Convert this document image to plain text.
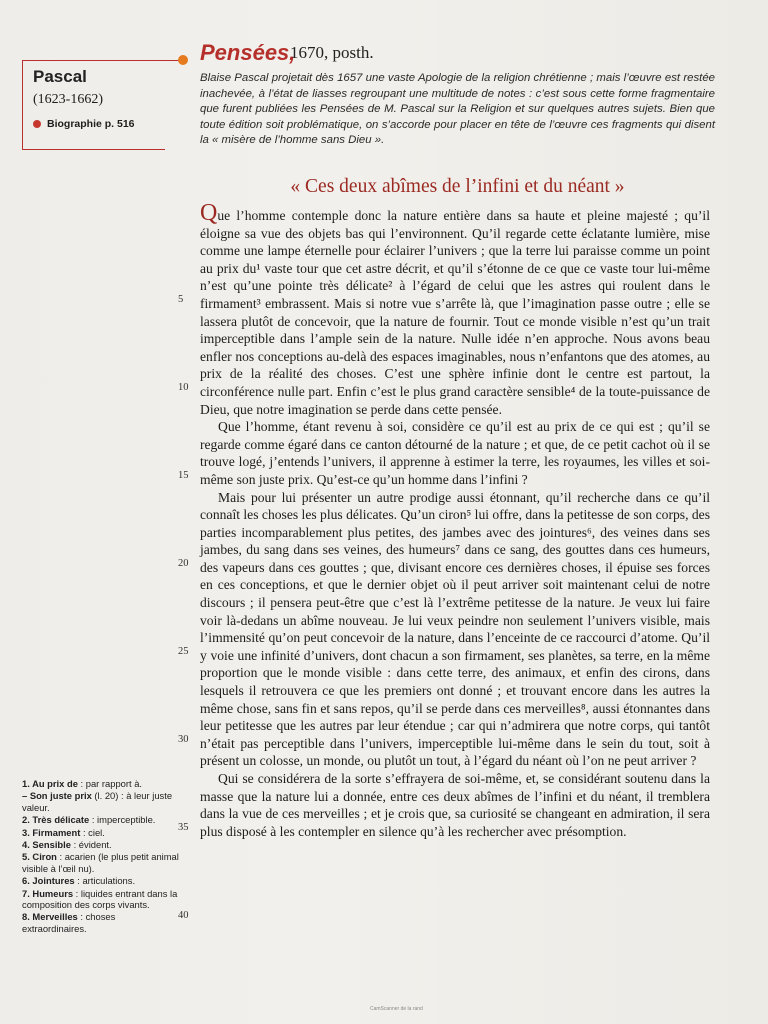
Pascal
(1623-1662)
Biographie p. 516
Pensées,
1670, posth.
Blaise Pascal projetait dès 1657 une vaste Apologie de la religion chrétienne ; mais l’œuvre est restée inachevée, à l’état de liasses regroupant une multitude de notes : c’est sous cette forme fragmentaire que furent publiées les Pensées de M. Pascal sur la Religion et sur quelques autres sujets. Bien que toute édition soit problématique, on s’accorde pour placer en tête de l’œuvre ces fragments qui disent la « misère de l’homme sans Dieu ».
« Ces deux abîmes de l’infini et du néant »
5
10
15
20
25
30
35
40

Que l’homme contemple donc la nature entière dans sa haute et pleine majesté ; qu’il éloigne sa vue des objets bas qui l’environnent. Qu’il regarde cette éclatante lumière, mise comme une lampe éternelle pour éclairer l’univers ; que la terre lui paraisse comme un point au prix du¹ vaste tour que cet astre décrit, et qu’il s’étonne de ce que ce vaste tour lui-même n’est qu’une pointe très délicate² à l’égard de celui que les astres qui roulent dans le firmament³ embrassent. Mais si notre vue s’arrête là, que l’imagination passe outre ; elle se lassera plutôt de concevoir, que la nature de fournir. Tout ce monde visible n’est qu’un trait imperceptible dans l’ample sein de la nature. Nulle idée n’en approche. Nous avons beau enfler nos conceptions au-delà des espaces imaginables, nous n’enfantons que des atomes, au prix de la réalité des choses. C’est une sphère infinie dont le centre est partout, la circonférence nulle part. Enfin c’est le plus grand caractère sensible⁴ de la toute-puissance de Dieu, que notre imagination se perde dans cette pensée.

Que l’homme, étant revenu à soi, considère ce qu’il est au prix de ce qui est ; qu’il se regarde comme égaré dans ce canton détourné de la nature ; et que, de ce petit cachot où il se trouve logé, j’entends l’univers, il apprenne à estimer la terre, les royaumes, les villes et soi-même son juste prix. Qu’est-ce qu’un homme dans l’infini ?

Mais pour lui présenter un autre prodige aussi étonnant, qu’il recherche dans ce qu’il connaît les choses les plus délicates. Qu’un ciron⁵ lui offre, dans la petitesse de son corps, des parties incomparablement plus petites, des jambes avec des jointures⁶, des veines dans ses jambes, du sang dans ses veines, des humeurs⁷ dans ce sang, des gouttes dans ces humeurs, des vapeurs dans ces gouttes ; que, divisant encore ces dernières choses, il épuise ses forces en ces conceptions, et que le dernier objet où il peut arriver soit maintenant celui de notre discours ; il pensera peut-être que c’est là l’extrême petitesse de la nature. Je veux lui faire voir là-dedans un abîme nouveau. Je lui veux peindre non seulement l’univers visible, mais l’immensité qu’on peut concevoir de la nature, dans l’enceinte de ce raccourci d’atome. Qu’il y voie une infinité d’univers, dont chacun a son firmament, ses planètes, sa terre, en la même proportion que le monde visible : dans cette terre, des animaux, et enfin des cirons, dans lesquels il retrouvera ce que les premiers ont donné ; et trouvant encore dans les autres la même chose, sans fin et sans repos, qu’il se perde dans ces merveilles⁸, aussi étonnantes dans leur petitesse que les autres par leur étendue ; car qui n’admirera que notre corps, qui tantôt n’était pas perceptible dans l’univers, imperceptible lui-même dans le sein du tout, soit à présent un colosse, un monde, ou plutôt un tout, à l’égard du néant où l’on ne peut arriver ?

Qui se considérera de la sorte s’effrayera de soi-même, et, se considérant soutenu dans la masse que la nature lui a donnée, entre ces deux abîmes de l’infini et du néant, il tremblera dans la vue de ces merveilles ; et je crois que, sa curiosité se changeant en admiration, il sera plus disposé à les contempler en silence qu’à les rechercher avec présomption.

1. Au prix de : par rapport à.
– Son juste prix (l. 20) : à leur juste valeur.
2. Très délicate : imperceptible.
3. Firmament : ciel.
4. Sensible : évident.
5. Ciron : acarien (le plus petit animal visible à l’œil nu).
6. Jointures : articulations.
7. Humeurs : liquides entrant dans la composition des corps vivants.
8. Merveilles : choses extraordinaires.
CamScanner de la rand
